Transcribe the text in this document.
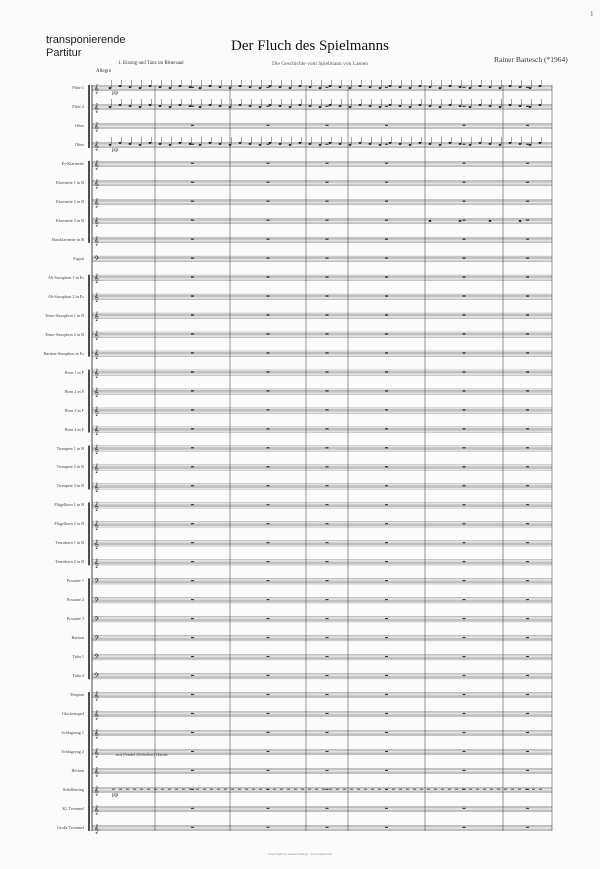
1
transponierende
Partitur	Der Fluch des Spielmanns
Die Geschichte vom Spielmann von Lamen	Rainer Bartesch (*1964)
1. Einzug und Tanz im Rittersaal
Allegro
Flöte 1
Flöte 2
Oboe
Oboe
Es-Klarinette
Klarinette 1 in B
Klarinette 2 in B
Klarinette 3 in B
Bassklarinette in B
Fagott
Alt-Saxophon 1 in Es
Alt-Saxophon 2 in Es
Tenor-Saxophon 1 in B
Tenor-Saxophon 2 in B
Bariton-Saxophon in Es
Horn 1 in F
Horn 2 in F
Horn 3 in F
Horn 4 in F
Trompete 1 in B
Trompete 2 in B
Trompete 3 in B
Flügelhorn 1 in B
Flügelhorn 2 in B
Tenorhorn 1 in B
Tenorhorn 2 in B
Posaune 1
Posaune 2
Posaune 3
Bariton
Tuba 1
Tuba 2
Timpani
Glockenspiel
Schlagzeug 1
Schlagzeug 2
Becken
Schellenring
Kl. Trommel
Große Trommel
𝄞
𝄞
𝄞
𝄞
𝄞
𝄞
𝄞
𝄞
𝄞
𝄢
𝄞
𝄞
𝄞
𝄞
𝄞
𝄞
𝄞
𝄞
𝄞
𝄞
𝄞
𝄞
𝄞
𝄞
𝄞
𝄞
𝄢
𝄢
𝄢
𝄢
𝄢
𝄢
𝄞
𝄞
𝄞
𝄞
𝄞
𝄞
𝄞
𝄞
pp
pp
pp
mit Pendel (Schellen) Hände
Copyright by Rundel Verlag · www.rundel.de
